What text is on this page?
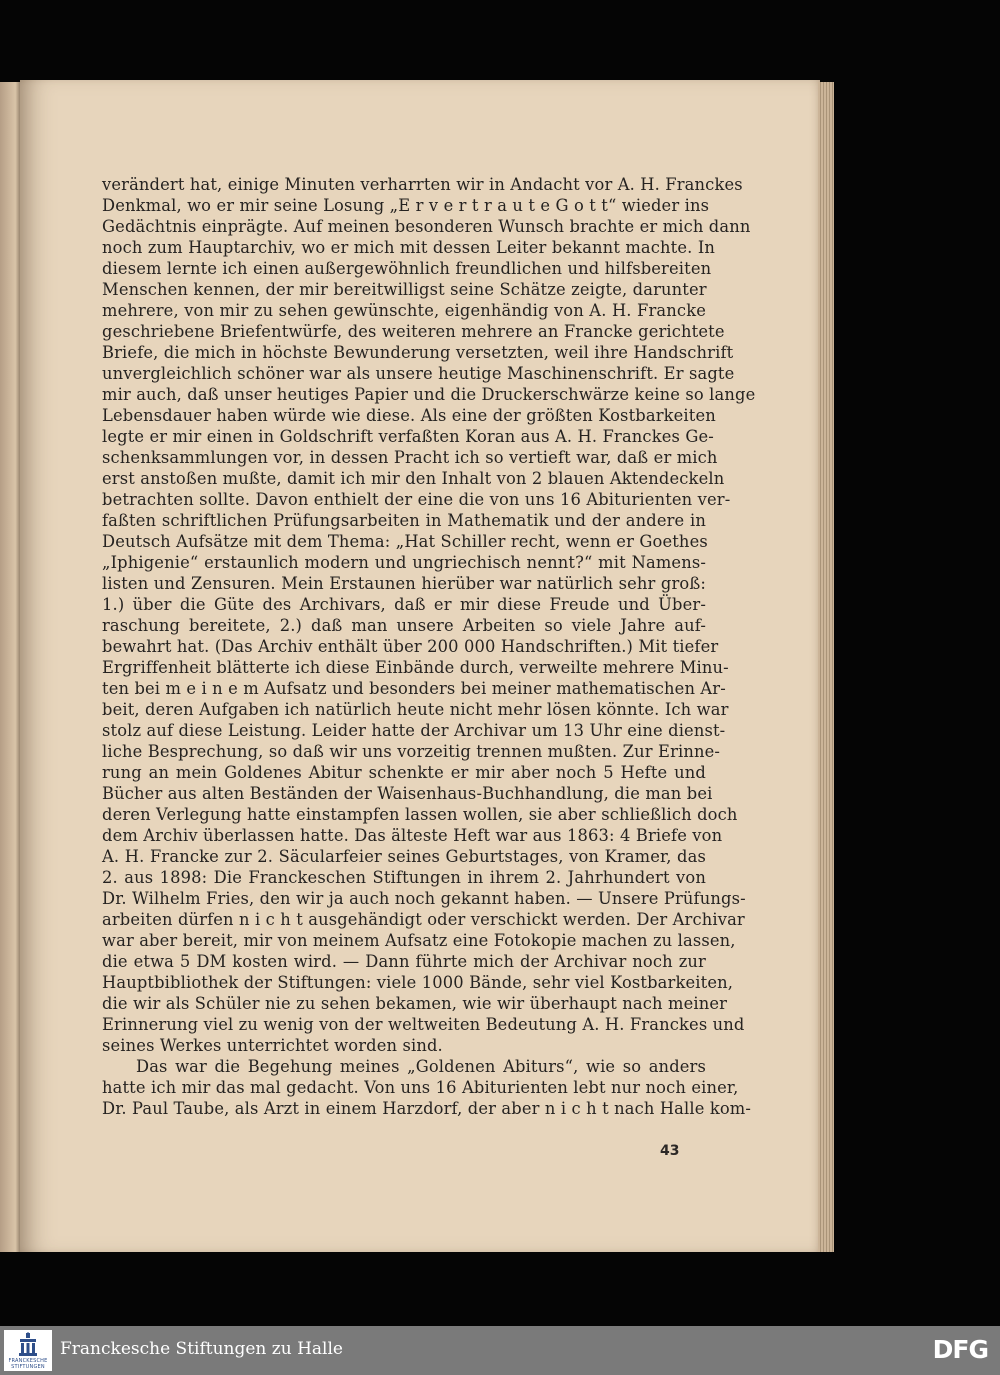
verändert hat, einige Minuten verharrten wir in Andacht vor A. H. Franckes
Denkmal, wo er mir seine Losung „E r v e r t r a u t e G o t t“ wieder ins
Gedächtnis einprägte. Auf meinen besonderen Wunsch brachte er mich dann
noch zum Hauptarchiv, wo er mich mit dessen Leiter bekannt machte. In
diesem lernte ich einen außergewöhnlich freundlichen und hilfsbereiten
Menschen kennen, der mir bereitwilligst seine Schätze zeigte, darunter
mehrere, von mir zu sehen gewünschte, eigenhändig von A. H. Francke
geschriebene Briefentwürfe, des weiteren mehrere an Francke gerichtete
Briefe, die mich in höchste Bewunderung versetzten, weil ihre Handschrift
unvergleichlich schöner war als unsere heutige Maschinenschrift. Er sagte
mir auch, daß unser heutiges Papier und die Druckerschwärze keine so lange
Lebensdauer haben würde wie diese. Als eine der größten Kostbarkeiten
legte er mir einen in Goldschrift verfaßten Koran aus A. H. Franckes Ge-
schenksammlungen vor, in dessen Pracht ich so vertieft war, daß er mich
erst anstoßen mußte, damit ich mir den Inhalt von 2 blauen Aktendeckeln
betrachten sollte. Davon enthielt der eine die von uns 16 Abiturienten ver-
faßten schriftlichen Prüfungsarbeiten in Mathematik und der andere in
Deutsch Aufsätze mit dem Thema: „Hat Schiller recht, wenn er Goethes
„Iphigenie“ erstaunlich modern und ungriechisch nennt?“ mit Namens-
listen und Zensuren. Mein Erstaunen hierüber war natürlich sehr groß:
1.) über die Güte des Archivars, daß er mir diese Freude und Über-
raschung bereitete, 2.) daß man unsere Arbeiten so viele Jahre auf-
bewahrt hat. (Das Archiv enthält über 200 000 Handschriften.) Mit tiefer
Ergriffenheit blätterte ich diese Einbände durch, verweilte mehrere Minu-
ten bei m e i n e m Aufsatz und besonders bei meiner mathematischen Ar-
beit, deren Aufgaben ich natürlich heute nicht mehr lösen könnte. Ich war
stolz auf diese Leistung. Leider hatte der Archivar um 13 Uhr eine dienst-
liche Besprechung, so daß wir uns vorzeitig trennen mußten. Zur Erinne-
rung an mein Goldenes Abitur schenkte er mir aber noch 5 Hefte und
Bücher aus alten Beständen der Waisenhaus-Buchhandlung, die man bei
deren Verlegung hatte einstampfen lassen wollen, sie aber schließlich doch
dem Archiv überlassen hatte. Das älteste Heft war aus 1863: 4 Briefe von
A. H. Francke zur 2. Säcularfeier seines Geburtstages, von Kramer, das
2. aus 1898: Die Franckeschen Stiftungen in ihrem 2. Jahrhundert von
Dr. Wilhelm Fries, den wir ja auch noch gekannt haben. — Unsere Prüfungs-
arbeiten dürfen n i c h t ausgehändigt oder verschickt werden. Der Archivar
war aber bereit, mir von meinem Aufsatz eine Fotokopie machen zu lassen,
die etwa 5 DM kosten wird. — Dann führte mich der Archivar noch zur
Hauptbibliothek der Stiftungen: viele 1000 Bände, sehr viel Kostbarkeiten,
die wir als Schüler nie zu sehen bekamen, wie wir überhaupt nach meiner
Erinnerung viel zu wenig von der weltweiten Bedeutung A. H. Franckes und
seines Werkes unterrichtet worden sind.
Das war die Begehung meines „Goldenen Abiturs“, wie so anders
hatte ich mir das mal gedacht. Von uns 16 Abiturienten lebt nur noch einer,
Dr. Paul Taube, als Arzt in einem Harzdorf, der aber n i c h t nach Halle kom-
43
FRANCKESCHE
STIFTUNGEN
Franckesche Stiftungen zu Halle	DFG
